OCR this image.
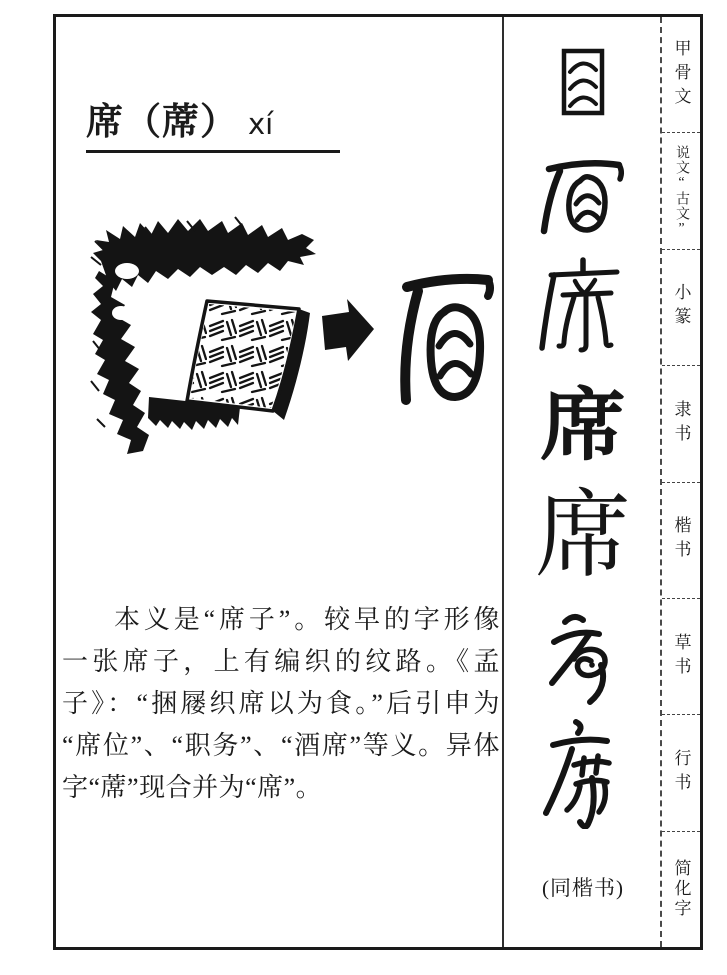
席（蓆） xí
本义是“席子”。较早的字形像
一张席子，上有编织的纹路。《孟
子》：“捆屦织席以为食。”后引申为
“席位”、“职务”、“酒席”等义。异体
字“蓆”现合并为“席”。
席
席
(同楷书)
甲骨文
说文“古文”
小篆
隶书
楷书
草书
行书
简化字
